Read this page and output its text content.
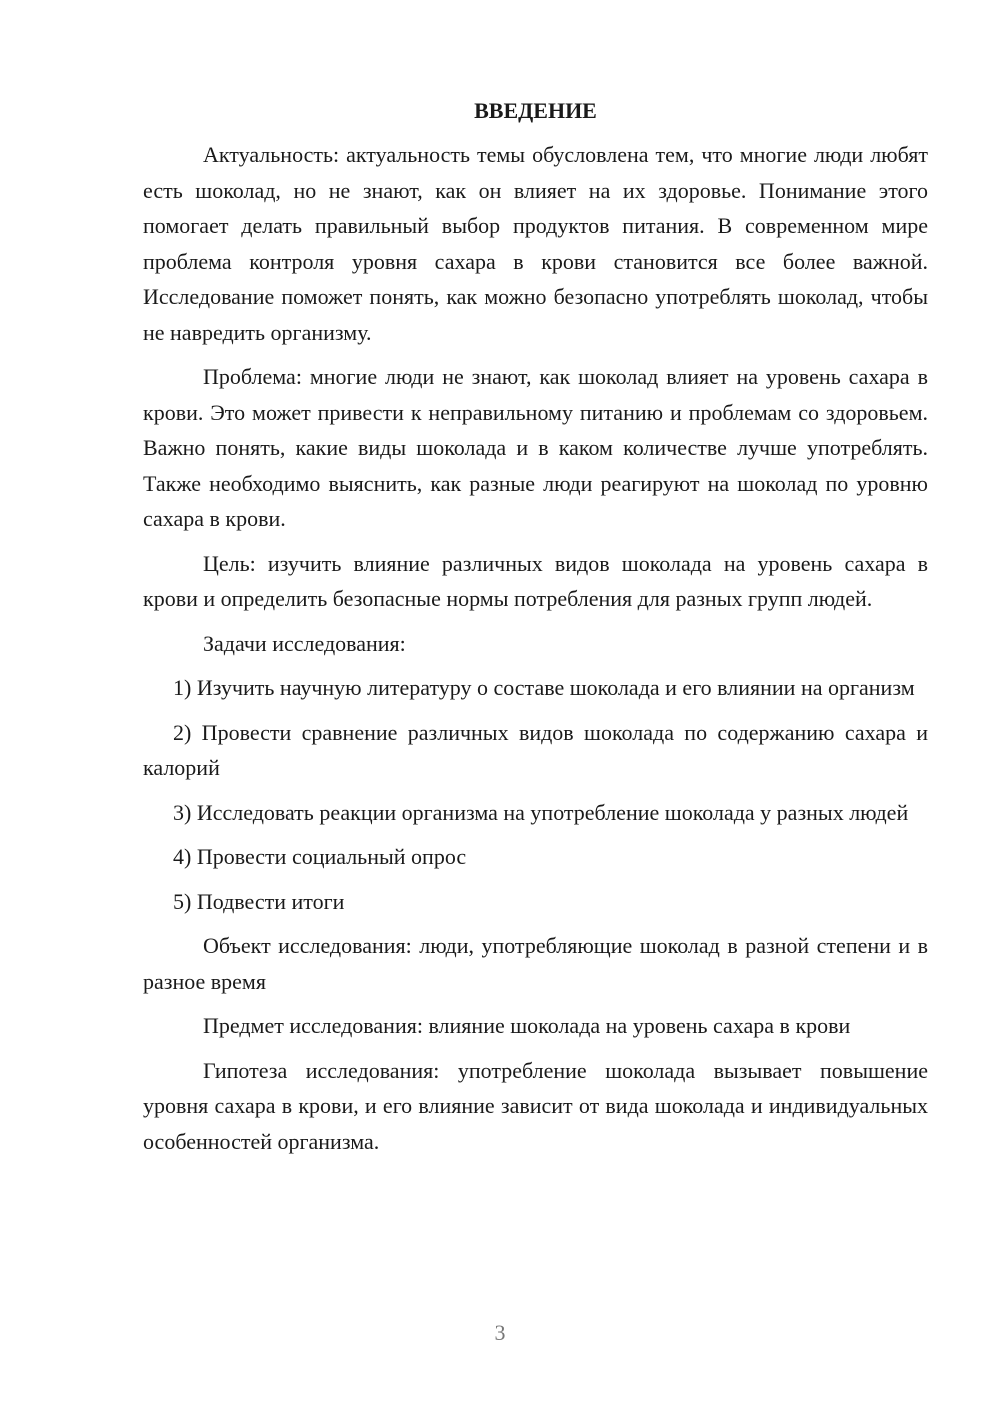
ВВЕДЕНИЕ

Актуальность: актуальность темы обусловлена тем, что многие люди любят есть шоколад, но не знают, как он влияет на их здоровье. Понимание этого помогает делать правильный выбор продуктов питания. В современном мире проблема контроля уровня сахара в крови становится все более важной. Исследование поможет понять, как можно безопасно употреблять шоколад, чтобы не навредить организму.

Проблема: многие люди не знают, как шоколад влияет на уровень сахара в крови. Это может привести к неправильному питанию и проблемам со здоровьем. Важно понять, какие виды шоколада и в каком количестве лучше употреблять. Также необходимо выяснить, как разные люди реагируют на шоколад по уровню сахара в крови.

Цель: изучить влияние различных видов шоколада на уровень сахара в крови и определить безопасные нормы потребления для разных групп людей.

Задачи исследования:

1) Изучить научную литературу о составе шоколада и его влиянии на организм

2) Провести сравнение различных видов шоколада по содержанию сахара и калорий

3) Исследовать реакции организма на употребление шоколада у разных людей

4) Провести социальный опрос

5) Подвести итоги

Объект исследования: люди, употребляющие шоколад в разной степени и в разное время

Предмет исследования: влияние шоколада на уровень сахара в крови

Гипотеза исследования: употребление шоколада вызывает повышение уровня сахара в крови, и его влияние зависит от вида шоколада и индивидуальных особенностей организма.

3
